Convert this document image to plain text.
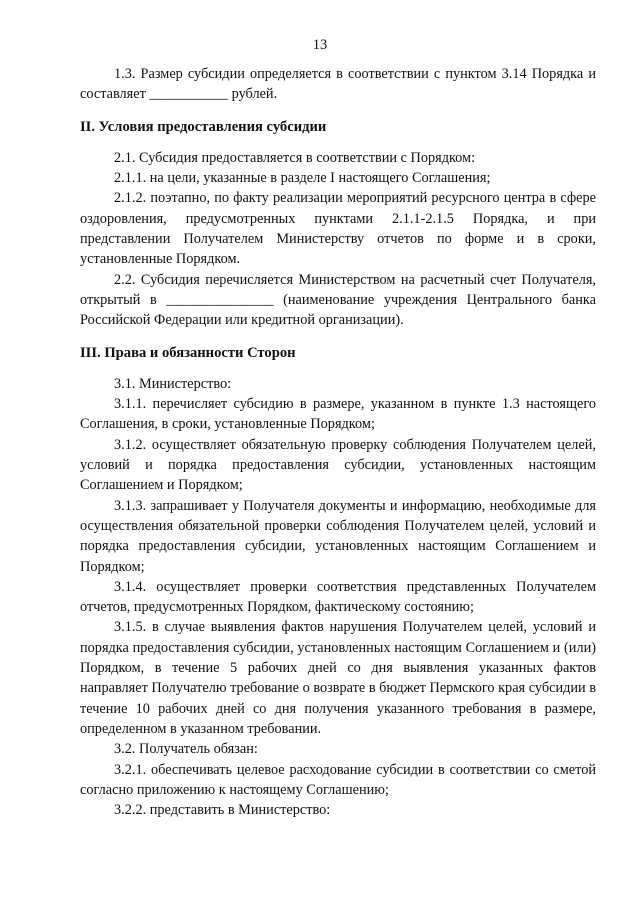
13

1.3. Размер субсидии определяется в соответствии с пунктом 3.14 Порядка и составляет ___________ рублей.

II. Условия предоставления субсидии

2.1. Субсидия предоставляется в соответствии с Порядком:

2.1.1. на цели, указанные в разделе I настоящего Соглашения;

2.1.2. поэтапно, по факту реализации мероприятий ресурсного центра в сфере оздоровления, предусмотренных пунктами 2.1.1-2.1.5 Порядка, и при представлении Получателем Министерству отчетов по форме и в сроки, установленные Порядком.

2.2. Субсидия перечисляется Министерством на расчетный счет Получателя, открытый в _______________ (наименование учреждения Центрального банка Российской Федерации или кредитной организации).

III. Права и обязанности Сторон

3.1. Министерство:

3.1.1. перечисляет субсидию в размере, указанном в пункте 1.3 настоящего Соглашения, в сроки, установленные Порядком;

3.1.2. осуществляет обязательную проверку соблюдения Получателем целей, условий и порядка предоставления субсидии, установленных настоящим Соглашением и Порядком;

3.1.3. запрашивает у Получателя документы и информацию, необходимые для осуществления обязательной проверки соблюдения Получателем целей, условий и порядка предоставления субсидии, установленных настоящим Соглашением и Порядком;

3.1.4. осуществляет проверки соответствия представленных Получателем отчетов, предусмотренных Порядком, фактическому состоянию;

3.1.5. в случае выявления фактов нарушения Получателем целей, условий и порядка предоставления субсидии, установленных настоящим Соглашением и (или) Порядком, в течение 5 рабочих дней со дня выявления указанных фактов направляет Получателю требование о возврате в бюджет Пермского края субсидии в течение 10 рабочих дней со дня получения указанного требования в размере, определенном в указанном требовании.

3.2. Получатель обязан:

3.2.1. обеспечивать целевое расходование субсидии в соответствии со сметой согласно приложению к настоящему Соглашению;

3.2.2. представить в Министерство:
